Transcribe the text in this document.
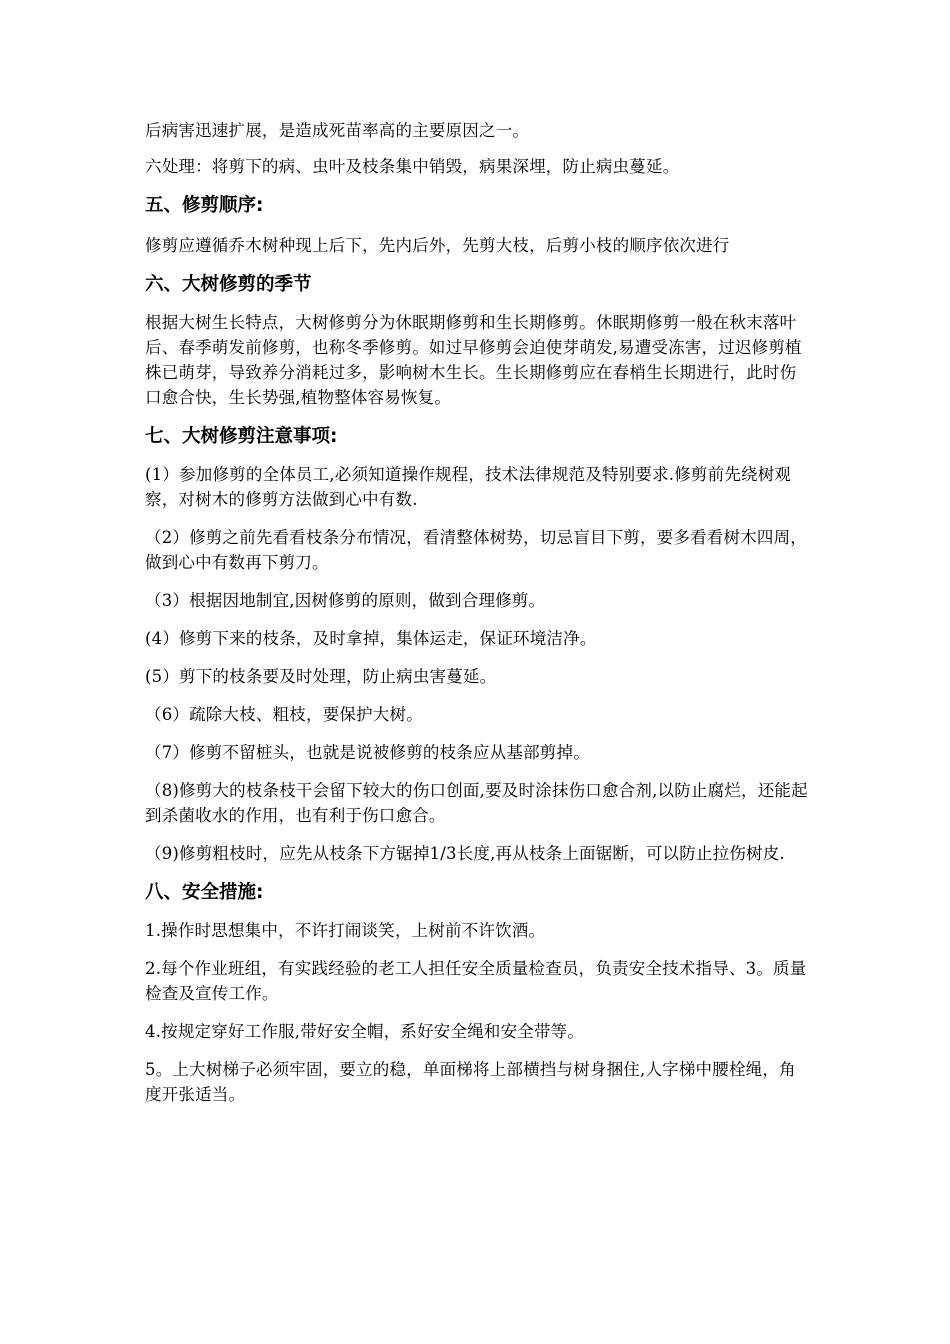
后病害迅速扩展，是造成死苗率高的主要原因之一。

六处理：将剪下的病、虫叶及枝条集中销毁，病果深埋，防止病虫蔓延。

五、修剪顺序:

修剪应遵循乔木树种现上后下，先内后外，先剪大枝，后剪小枝的顺序依次进行

六、大树修剪的季节

根据大树生长特点，大树修剪分为休眠期修剪和生长期修剪。休眠期修剪一般在秋末落叶后、春季萌发前修剪，也称冬季修剪。如过早修剪会迫使芽萌发,易遭受冻害，过迟修剪植株已萌芽，导致养分消耗过多，影响树木生长。生长期修剪应在春梢生长期进行，此时伤口愈合快，生长势强,植物整体容易恢复。

七、大树修剪注意事项:

(1）参加修剪的全体员工,必须知道操作规程，技术法律规范及特别要求.修剪前先绕树观察，对树木的修剪方法做到心中有数.

（2）修剪之前先看看枝条分布情况，看清整体树势，切忌盲目下剪，要多看看树木四周，做到心中有数再下剪刀。

（3）根据因地制宜,因树修剪的原则，做到合理修剪。

(4）修剪下来的枝条，及时拿掉，集体运走，保证环境洁净。

(5）剪下的枝条要及时处理，防止病虫害蔓延。

（6）疏除大枝、粗枝，要保护大树。

（7）修剪不留桩头，也就是说被修剪的枝条应从基部剪掉。

（8)修剪大的枝条枝干会留下较大的伤口创面,要及时涂抹伤口愈合剂,以防止腐烂，还能起到杀菌收水的作用，也有利于伤口愈合。

（9)修剪粗枝时，应先从枝条下方锯掉1/3长度,再从枝条上面锯断，可以防止拉伤树皮.

八、安全措施:

1.操作时思想集中，不许打闹谈笑，上树前不许饮酒。

2.每个作业班组，有实践经验的老工人担任安全质量检查员，负责安全技术指导、3。质量检查及宣传工作。

4.按规定穿好工作服,带好安全帽，系好安全绳和安全带等。

5。上大树梯子必须牢固，要立的稳，单面梯将上部横挡与树身捆住,人字梯中腰栓绳，角度开张适当。
